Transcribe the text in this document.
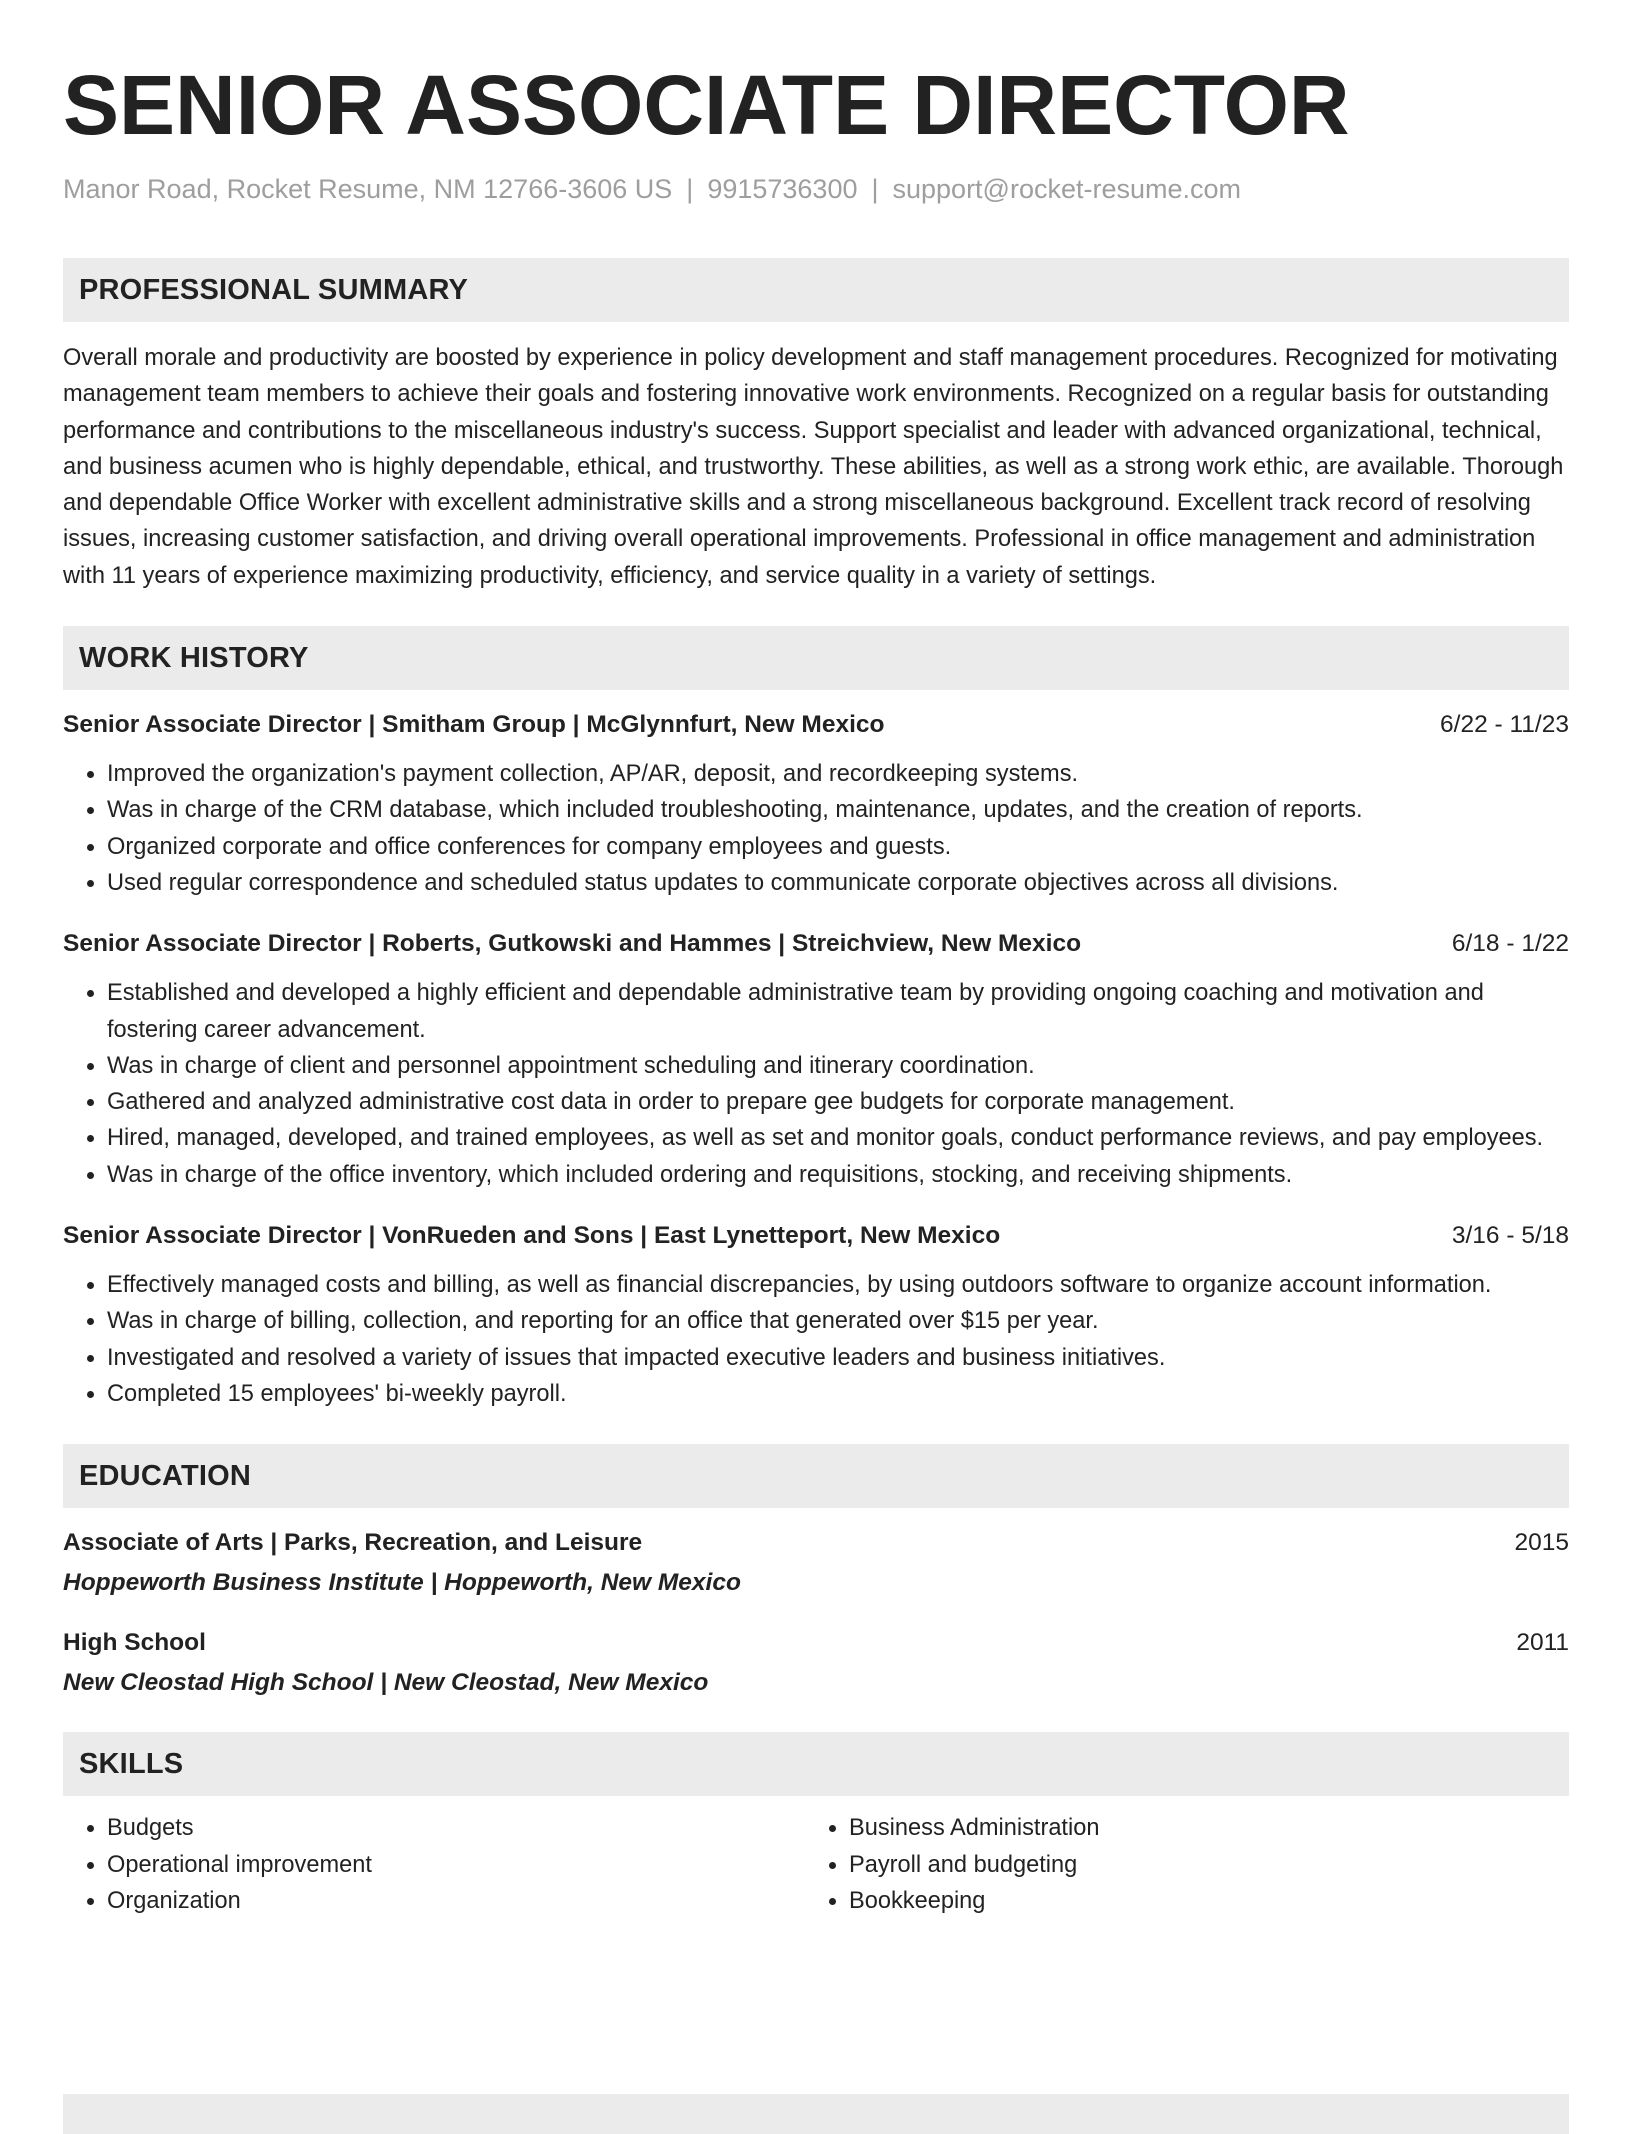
SENIOR ASSOCIATE DIRECTOR
Manor Road, Rocket Resume, NM 12766-3606 US | 9915736300 | support@rocket-resume.com
PROFESSIONAL SUMMARY
Overall morale and productivity are boosted by experience in policy development and staff management procedures. Recognized for motivating management team members to achieve their goals and fostering innovative work environments. Recognized on a regular basis for outstanding performance and contributions to the miscellaneous industry's success. Support specialist and leader with advanced organizational, technical, and business acumen who is highly dependable, ethical, and trustworthy. These abilities, as well as a strong work ethic, are available. Thorough and dependable Office Worker with excellent administrative skills and a strong miscellaneous background. Excellent track record of resolving issues, increasing customer satisfaction, and driving overall operational improvements. Professional in office management and administration with 11 years of experience maximizing productivity, efficiency, and service quality in a variety of settings.
WORK HISTORY
Senior Associate Director | Smitham Group | McGlynnfurt, New Mexico	6/22 - 11/23
• Improved the organization's payment collection, AP/AR, deposit, and recordkeeping systems.
• Was in charge of the CRM database, which included troubleshooting, maintenance, updates, and the creation of reports.
• Organized corporate and office conferences for company employees and guests.
• Used regular correspondence and scheduled status updates to communicate corporate objectives across all divisions.
Senior Associate Director | Roberts, Gutkowski and Hammes | Streichview, New Mexico	6/18 - 1/22
• Established and developed a highly efficient and dependable administrative team by providing ongoing coaching and motivation and fostering career advancement.
• Was in charge of client and personnel appointment scheduling and itinerary coordination.
• Gathered and analyzed administrative cost data in order to prepare gee budgets for corporate management.
• Hired, managed, developed, and trained employees, as well as set and monitor goals, conduct performance reviews, and pay employees.
• Was in charge of the office inventory, which included ordering and requisitions, stocking, and receiving shipments.
Senior Associate Director | VonRueden and Sons | East Lynetteport, New Mexico	3/16 - 5/18
• Effectively managed costs and billing, as well as financial discrepancies, by using outdoors software to organize account information.
• Was in charge of billing, collection, and reporting for an office that generated over $15 per year.
• Investigated and resolved a variety of issues that impacted executive leaders and business initiatives.
• Completed 15 employees' bi-weekly payroll.
EDUCATION
Associate of Arts | Parks, Recreation, and Leisure	2015
Hoppeworth Business Institute | Hoppeworth, New Mexico
High School	2011
New Cleostad High School | New Cleostad, New Mexico
SKILLS
• Budgets
• Operational improvement
• Organization
• Business Administration
• Payroll and budgeting
• Bookkeeping
